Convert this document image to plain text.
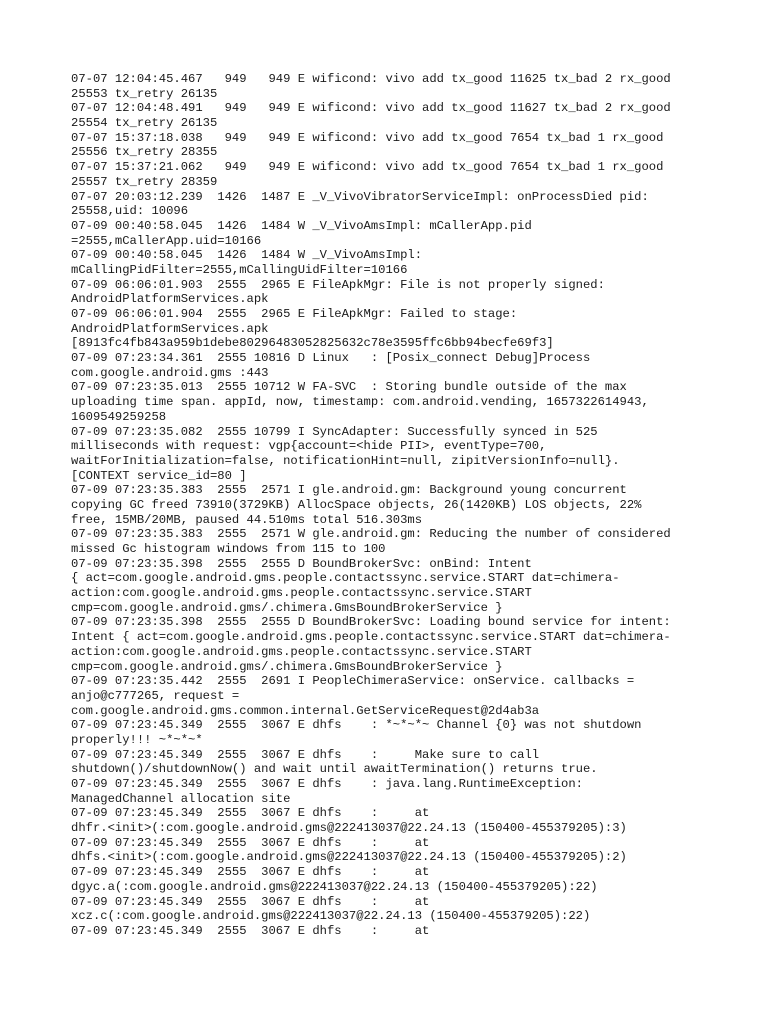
07-07 12:04:45.467   949   949 E wificond: vivo add tx_good 11625 tx_bad 2 rx_good
25553 tx_retry 26135
07-07 12:04:48.491   949   949 E wificond: vivo add tx_good 11627 tx_bad 2 rx_good
25554 tx_retry 26135
07-07 15:37:18.038   949   949 E wificond: vivo add tx_good 7654 tx_bad 1 rx_good
25556 tx_retry 28355
07-07 15:37:21.062   949   949 E wificond: vivo add tx_good 7654 tx_bad 1 rx_good
25557 tx_retry 28359
07-07 20:03:12.239  1426  1487 E _V_VivoVibratorServiceImpl: onProcessDied pid:
25558,uid: 10096
07-09 00:40:58.045  1426  1484 W _V_VivoAmsImpl: mCallerApp.pid
=2555,mCallerApp.uid=10166
07-09 00:40:58.045  1426  1484 W _V_VivoAmsImpl:
mCallingPidFilter=2555,mCallingUidFilter=10166
07-09 06:06:01.903  2555  2965 E FileApkMgr: File is not properly signed:
AndroidPlatformServices.apk
07-09 06:06:01.904  2555  2965 E FileApkMgr: Failed to stage:
AndroidPlatformServices.apk
[8913fc4fb843a959b1debe80296483052825632c78e3595ffc6bb94becfe69f3]
07-09 07:23:34.361  2555 10816 D Linux   : [Posix_connect Debug]Process
com.google.android.gms :443
07-09 07:23:35.013  2555 10712 W FA-SVC  : Storing bundle outside of the max
uploading time span. appId, now, timestamp: com.android.vending, 1657322614943,
1609549259258
07-09 07:23:35.082  2555 10799 I SyncAdapter: Successfully synced in 525
milliseconds with request: vgp{account=<hide PII>, eventType=700,
waitForInitialization=false, notificationHint=null, zipitVersionInfo=null}.
[CONTEXT service_id=80 ]
07-09 07:23:35.383  2555  2571 I gle.android.gm: Background young concurrent
copying GC freed 73910(3729KB) AllocSpace objects, 26(1420KB) LOS objects, 22%
free, 15MB/20MB, paused 44.510ms total 516.303ms
07-09 07:23:35.383  2555  2571 W gle.android.gm: Reducing the number of considered
missed Gc histogram windows from 115 to 100
07-09 07:23:35.398  2555  2555 D BoundBrokerSvc: onBind: Intent
{ act=com.google.android.gms.people.contactssync.service.START dat=chimera-
action:com.google.android.gms.people.contactssync.service.START
cmp=com.google.android.gms/.chimera.GmsBoundBrokerService }
07-09 07:23:35.398  2555  2555 D BoundBrokerSvc: Loading bound service for intent:
Intent { act=com.google.android.gms.people.contactssync.service.START dat=chimera-
action:com.google.android.gms.people.contactssync.service.START
cmp=com.google.android.gms/.chimera.GmsBoundBrokerService }
07-09 07:23:35.442  2555  2691 I PeopleChimeraService: onService. callbacks =
anjo@c777265, request =
com.google.android.gms.common.internal.GetServiceRequest@2d4ab3a
07-09 07:23:45.349  2555  3067 E dhfs    : *~*~*~ Channel {0} was not shutdown
properly!!! ~*~*~*
07-09 07:23:45.349  2555  3067 E dhfs    :     Make sure to call
shutdown()/shutdownNow() and wait until awaitTermination() returns true.
07-09 07:23:45.349  2555  3067 E dhfs    : java.lang.RuntimeException:
ManagedChannel allocation site
07-09 07:23:45.349  2555  3067 E dhfs    :     at
dhfr.<init>(:com.google.android.gms@222413037@22.24.13 (150400-455379205):3)
07-09 07:23:45.349  2555  3067 E dhfs    :     at
dhfs.<init>(:com.google.android.gms@222413037@22.24.13 (150400-455379205):2)
07-09 07:23:45.349  2555  3067 E dhfs    :     at
dgyc.a(:com.google.android.gms@222413037@22.24.13 (150400-455379205):22)
07-09 07:23:45.349  2555  3067 E dhfs    :     at
xcz.c(:com.google.android.gms@222413037@22.24.13 (150400-455379205):22)
07-09 07:23:45.349  2555  3067 E dhfs    :     at
